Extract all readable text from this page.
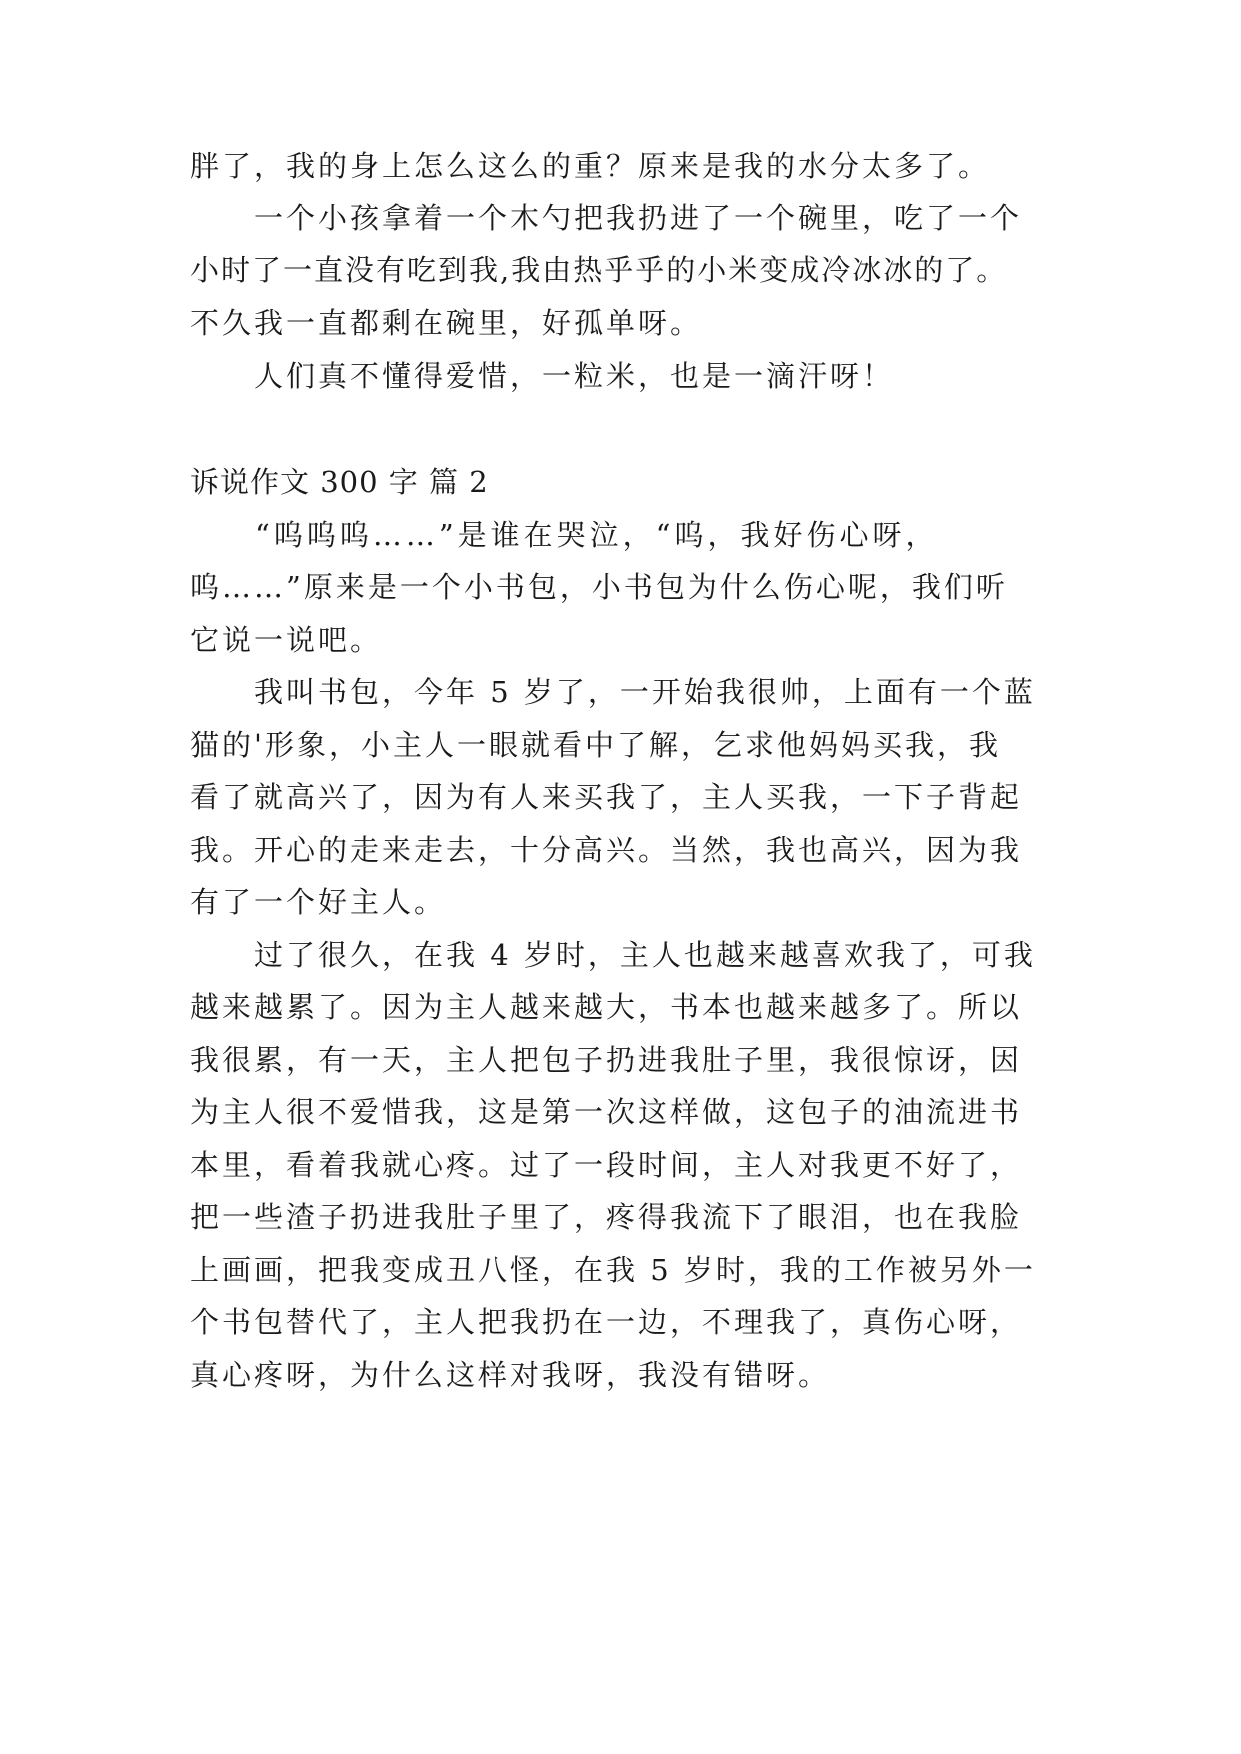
胖了，我的身上怎么这么的重？原来是我的水分太多了。
一个小孩拿着一个木勺把我扔进了一个碗里，吃了一个
小时了一直没有吃到我,我由热乎乎的小米变成冷冰冰的了。
不久我一直都剩在碗里，好孤单呀。
人们真不懂得爱惜，一粒米，也是一滴汗呀！
诉说作文 300 字 篇 2
“呜呜呜……”是谁在哭泣，“呜，我好伤心呀，
呜……”原来是一个小书包，小书包为什么伤心呢，我们听
它说一说吧。
我叫书包，今年 5 岁了，一开始我很帅，上面有一个蓝
猫的'形象，小主人一眼就看中了解，乞求他妈妈买我，我
看了就高兴了，因为有人来买我了，主人买我，一下子背起
我。开心的走来走去，十分高兴。当然，我也高兴，因为我
有了一个好主人。
过了很久，在我 4 岁时，主人也越来越喜欢我了，可我
越来越累了。因为主人越来越大，书本也越来越多了。所以
我很累，有一天，主人把包子扔进我肚子里，我很惊讶，因
为主人很不爱惜我，这是第一次这样做，这包子的油流进书
本里，看着我就心疼。过了一段时间，主人对我更不好了，
把一些渣子扔进我肚子里了，疼得我流下了眼泪，也在我脸
上画画，把我变成丑八怪，在我 5 岁时，我的工作被另外一
个书包替代了，主人把我扔在一边，不理我了，真伤心呀，
真心疼呀，为什么这样对我呀，我没有错呀。
